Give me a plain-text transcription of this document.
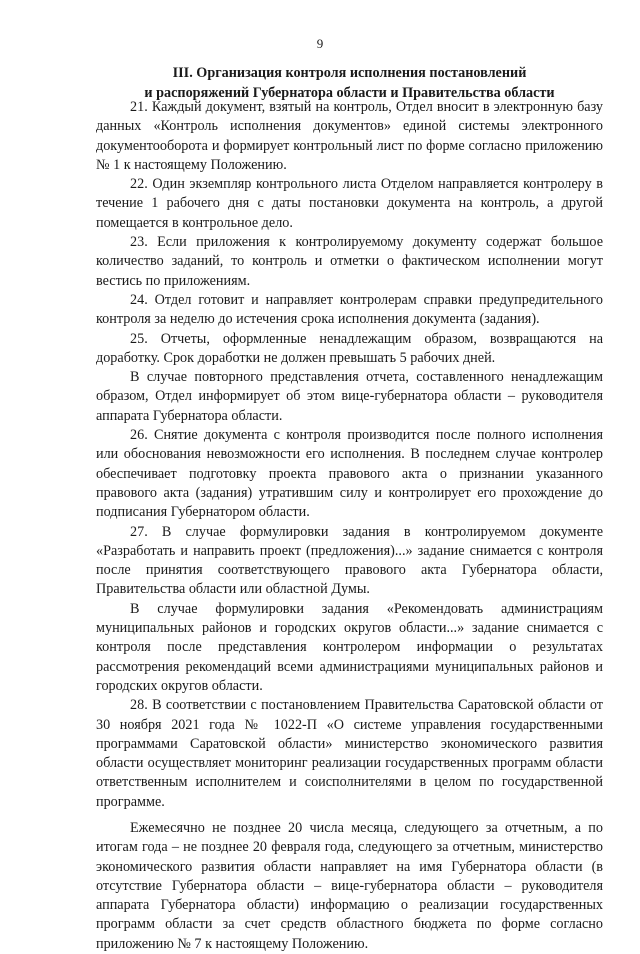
9
III. Организация контроля исполнения постановлений
и распоряжений Губернатора области и Правительства области

21. Каждый документ, взятый на контроль, Отдел вносит в электронную базу данных «Контроль исполнения документов» единой системы электронного документооборота и формирует контрольный лист по форме согласно приложению № 1 к настоящему Положению.

22. Один экземпляр контрольного листа Отделом направляется контролеру в течение 1 рабочего дня с даты постановки документа на контроль, а другой помещается в контрольное дело.

23. Если приложения к контролируемому документу содержат большое количество заданий, то контроль и отметки о фактическом исполнении могут вестись по приложениям.

24. Отдел готовит и направляет контролерам справки предупредительного контроля за неделю до истечения срока исполнения документа (задания).

25. Отчеты, оформленные ненадлежащим образом, возвращаются на доработку. Срок доработки не должен превышать 5 рабочих дней.

В случае повторного представления отчета, составленного ненадлежащим образом, Отдел информирует об этом вице-губернатора области – руководителя аппарата Губернатора области.

26. Снятие документа с контроля производится после полного исполнения или обоснования невозможности его исполнения. В последнем случае контролер обеспечивает подготовку проекта правового акта о признании указанного правового акта (задания) утратившим силу и контролирует его прохождение до подписания Губернатором области.

27. В случае формулировки задания в контролируемом документе «Разработать и направить проект (предложения)...» задание снимается с контроля после принятия соответствующего правового акта Губернатора области, Правительства области или областной Думы.

В случае формулировки задания «Рекомендовать администрациям муниципальных районов и городских округов области...» задание снимается с контроля после представления контролером информации о результатах рассмотрения рекомендаций всеми администрациями муниципальных районов и городских округов области.

28. В соответствии с постановлением Правительства Саратовской области от 30 ноября 2021 года № 1022-П «О системе управления государственными программами Саратовской области» министерство экономического развития области осуществляет мониторинг реализации государственных программ области ответственным исполнителем и соисполнителями в целом по государственной программе.

Ежемесячно не позднее 20 числа месяца, следующего за отчетным, а по итогам года – не позднее 20 февраля года, следующего за отчетным, министерство экономического развития области направляет на имя Губернатора области (в отсутствие Губернатора области – вице-губернатора области – руководителя аппарата Губернатора области) информацию о реализации государственных программ области за счет средств областного бюджета по форме согласно приложению № 7 к настоящему Положению.
